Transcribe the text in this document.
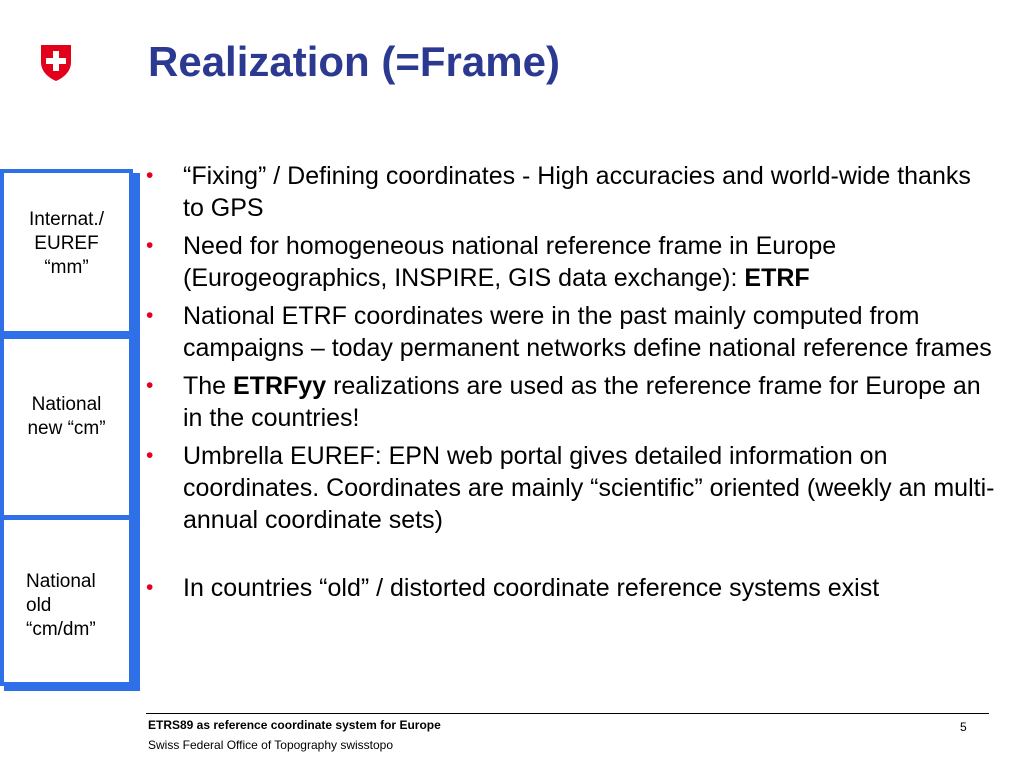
Realization (=Frame)
Internat./
EUREF
“mm”
National
new “cm”
National
old
“cm/dm”
• “Fixing” / Defining coordinates - High accuracies and world-wide thanks to GPS
• Need for homogeneous national reference frame in Europe (Eurogeographics, INSPIRE, GIS data exchange): ETRF
• National ETRF coordinates were in the past mainly computed from campaigns – today permanent networks define national reference frames
• The ETRFyy realizations are used as the reference frame for Europe an in the countries!
• Umbrella EUREF: EPN web portal gives detailed information on coordinates. Coordinates are mainly “scientific” oriented (weekly an multi-annual coordinate sets)
• In countries “old” / distorted coordinate reference systems exist
ETRS89 as reference coordinate system for Europe
Swiss Federal Office of Topography swisstopo
5
